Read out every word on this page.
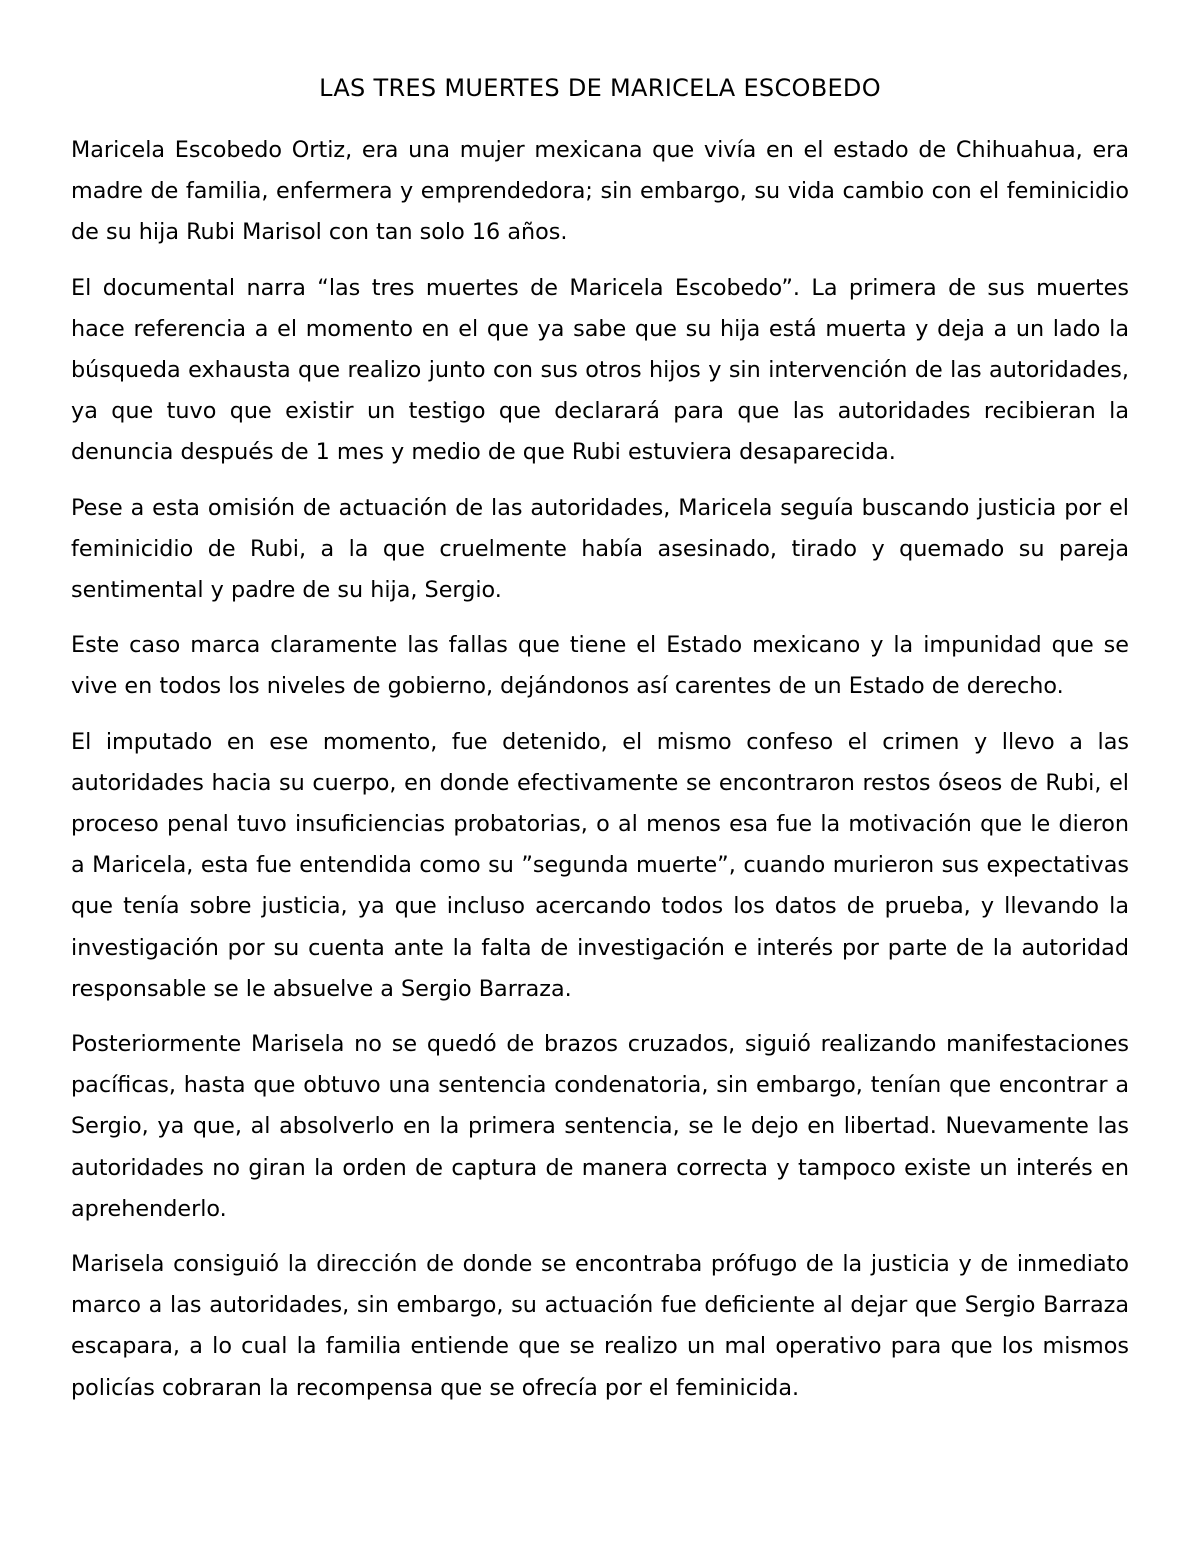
LAS TRES MUERTES DE MARICELA ESCOBEDO

Maricela Escobedo Ortiz, era una mujer mexicana que vivía en el estado de Chihuahua, era madre de familia, enfermera y emprendedora; sin embargo, su vida cambio con el feminicidio de su hija Rubi Marisol con tan solo 16 años.

El documental narra “las tres muertes de Maricela Escobedo”. La primera de sus muertes hace referencia a el momento en el que ya sabe que su hija está muerta y deja a un lado la búsqueda exhausta que realizo junto con sus otros hijos y sin intervención de las autoridades, ya que tuvo que existir un testigo que declarará para que las autoridades recibieran la denuncia después de 1 mes y medio de que Rubi estuviera desaparecida.

Pese a esta omisión de actuación de las autoridades, Maricela seguía buscando justicia por el feminicidio de Rubi, a la que cruelmente había asesinado, tirado y quemado su pareja sentimental y padre de su hija, Sergio.

Este caso marca claramente las fallas que tiene el Estado mexicano y la impunidad que se vive en todos los niveles de gobierno, dejándonos así carentes de un Estado de derecho.

El imputado en ese momento, fue detenido, el mismo confeso el crimen y llevo a las autoridades hacia su cuerpo, en donde efectivamente se encontraron restos óseos de Rubi, el proceso penal tuvo insuficiencias probatorias, o al menos esa fue la motivación que le dieron a Maricela, esta fue entendida como su ”segunda muerte”, cuando murieron sus expectativas que tenía sobre justicia, ya que incluso acercando todos los datos de prueba, y llevando la investigación por su cuenta ante la falta de investigación e interés por parte de la autoridad responsable se le absuelve a Sergio Barraza.

Posteriormente Marisela no se quedó de brazos cruzados, siguió realizando manifestaciones pacíficas, hasta que obtuvo una sentencia condenatoria, sin embargo, tenían que encontrar a Sergio, ya que, al absolverlo en la primera sentencia, se le dejo en libertad. Nuevamente las autoridades no giran la orden de captura de manera correcta y tampoco existe un interés en aprehenderlo.

Marisela consiguió la dirección de donde se encontraba prófugo de la justicia y de inmediato marco a las autoridades, sin embargo, su actuación fue deficiente al dejar que Sergio Barraza escapara, a lo cual la familia entiende que se realizo un mal operativo para que los mismos policías cobraran la recompensa que se ofrecía por el feminicida.
